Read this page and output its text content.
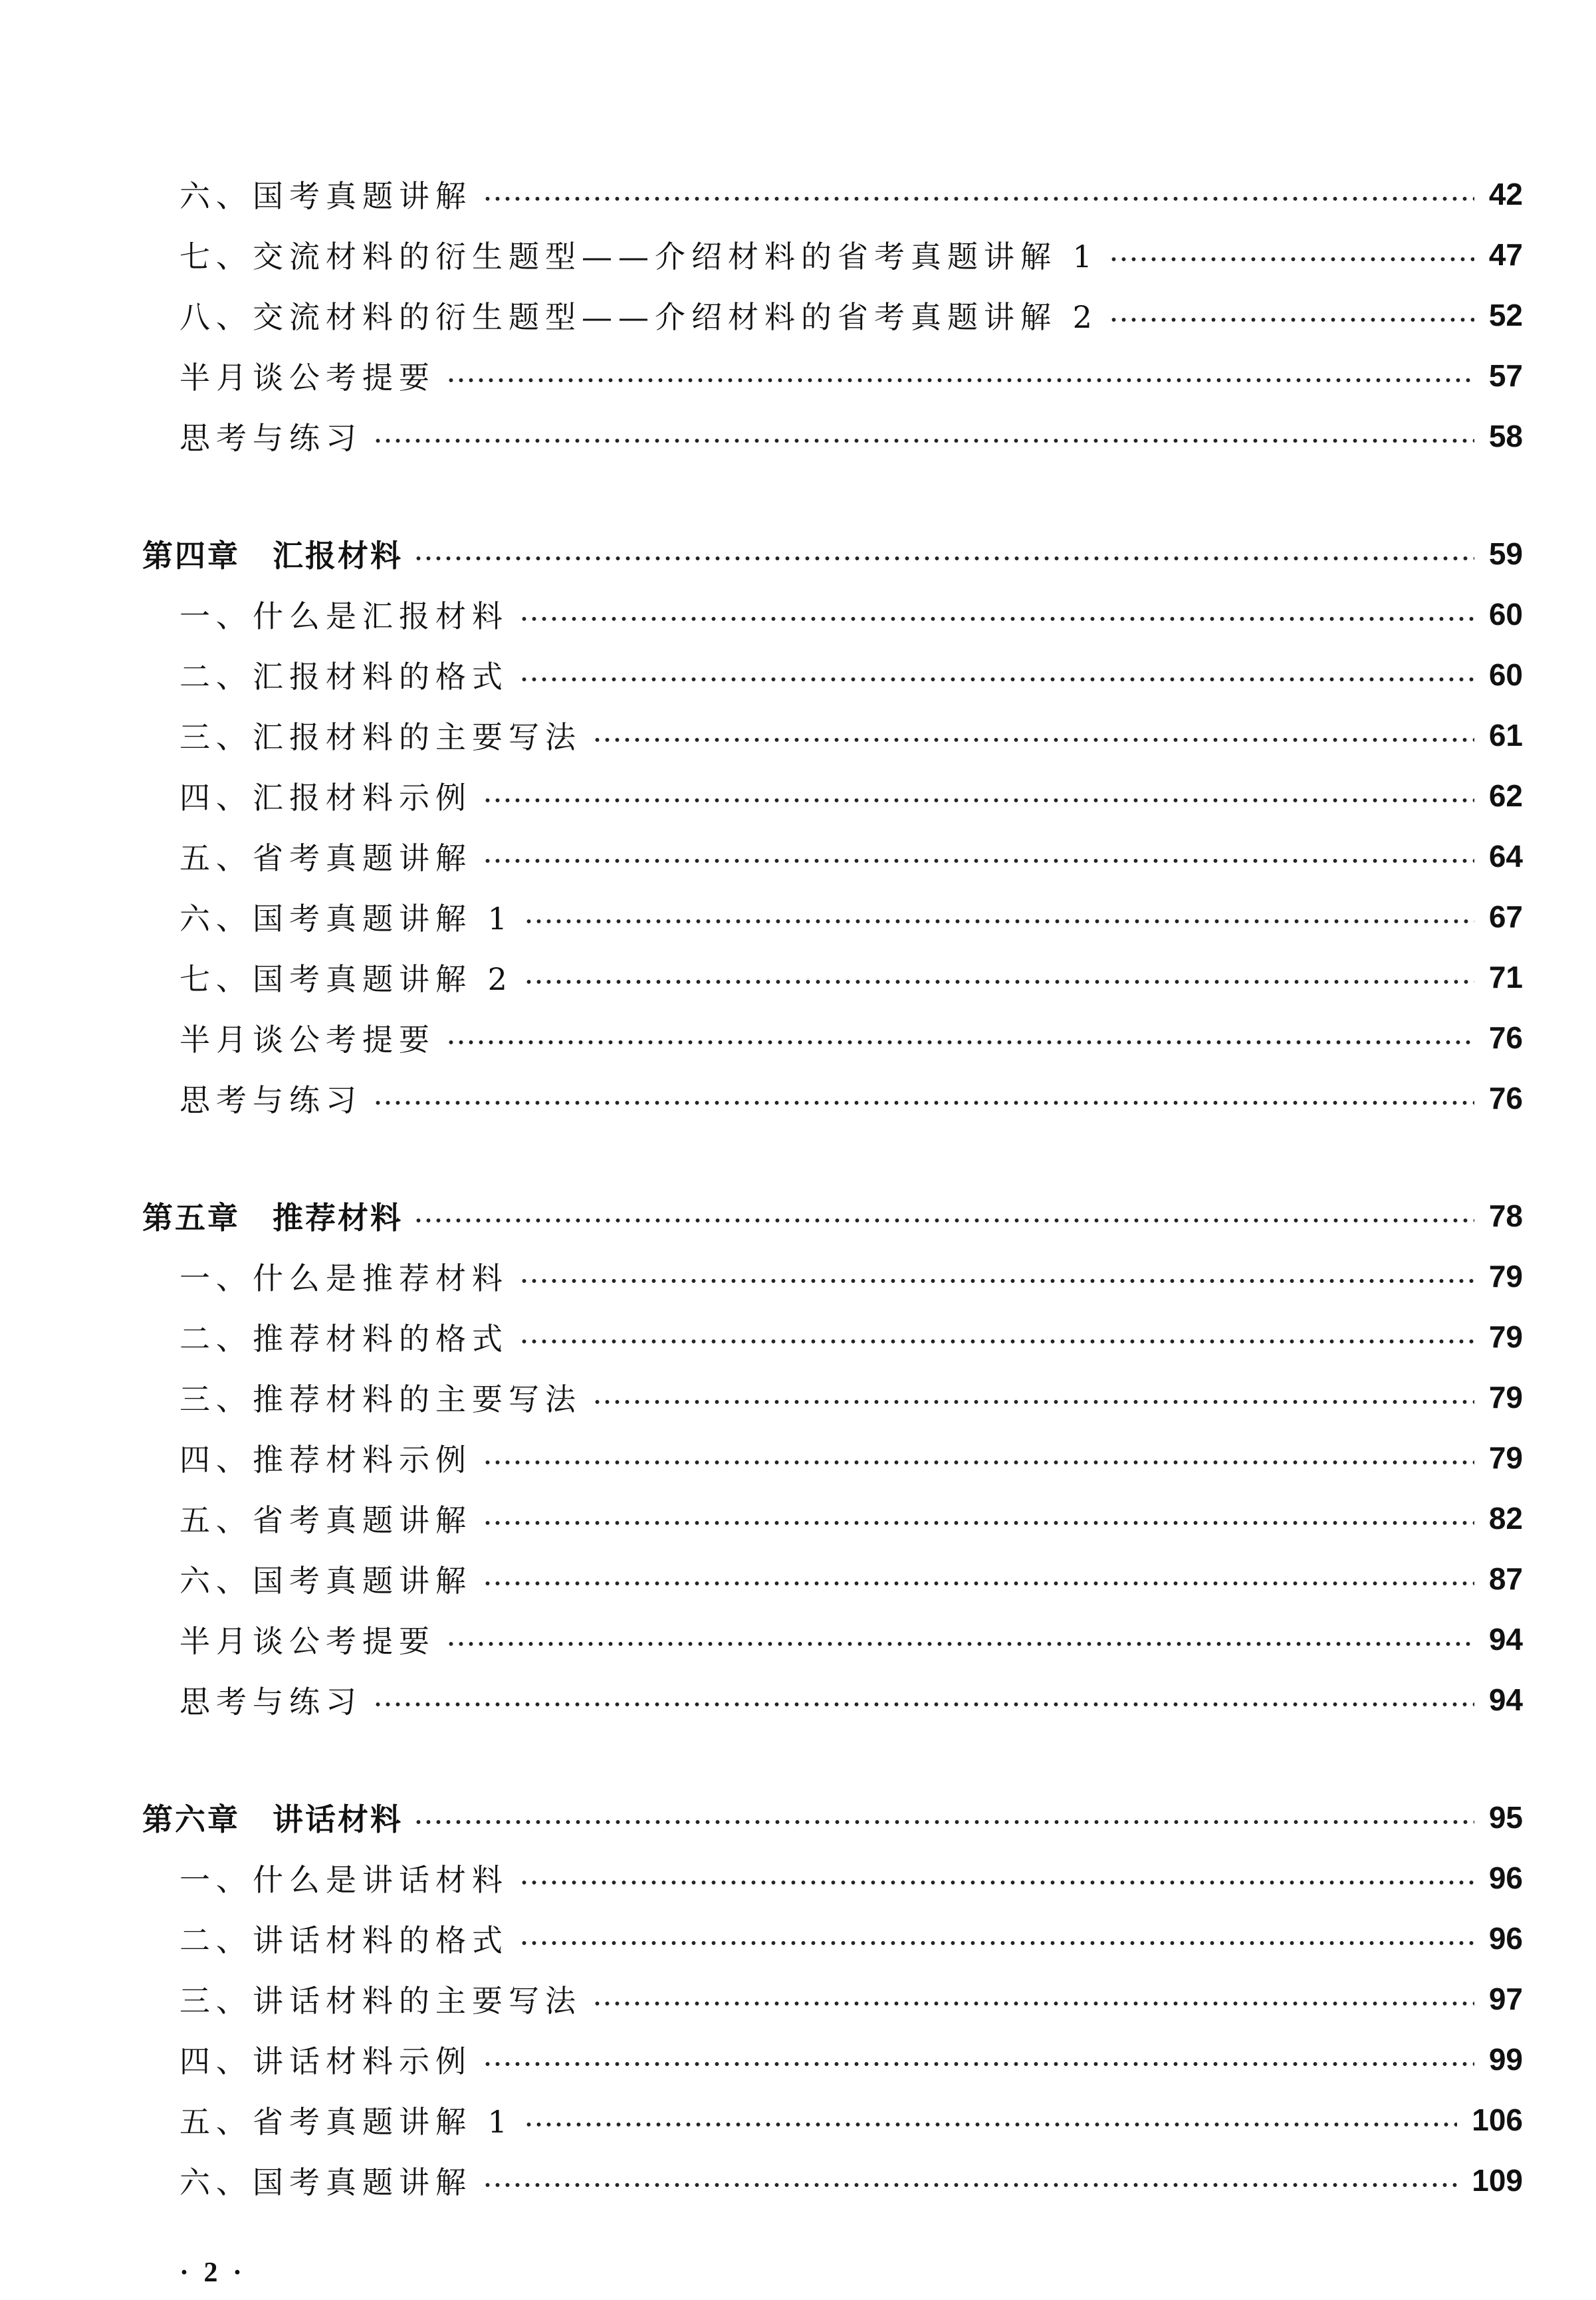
六、国考真题讲解	42
七、交流材料的衍生题型——介绍材料的省考真题讲解 1	47
八、交流材料的衍生题型——介绍材料的省考真题讲解 2	52
半月谈公考提要	57
思考与练习	58
第四章　汇报材料	59
一、什么是汇报材料	60
二、汇报材料的格式	60
三、汇报材料的主要写法	61
四、汇报材料示例	62
五、省考真题讲解	64
六、国考真题讲解 1	67
七、国考真题讲解 2	71
半月谈公考提要	76
思考与练习	76
第五章　推荐材料	78
一、什么是推荐材料	79
二、推荐材料的格式	79
三、推荐材料的主要写法	79
四、推荐材料示例	79
五、省考真题讲解	82
六、国考真题讲解	87
半月谈公考提要	94
思考与练习	94
第六章　讲话材料	95
一、什么是讲话材料	96
二、讲话材料的格式	96
三、讲话材料的主要写法	97
四、讲话材料示例	99
五、省考真题讲解 1	106
六、国考真题讲解	109
· 2 ·
